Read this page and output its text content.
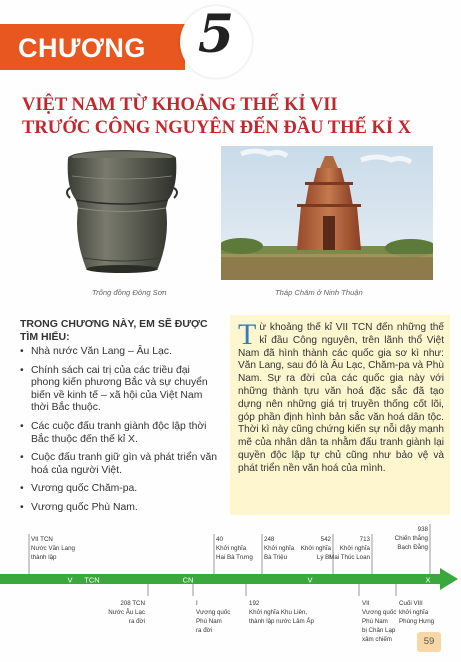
CHƯƠNG 5
VIỆT NAM TỪ KHOẢNG THẾ KỈ VII
TRƯỚC CÔNG NGUYÊN ĐẾN ĐẦU THẾ KỈ X
Trống đồng Đông Sơn	Tháp Chăm ở Ninh Thuận
TRONG CHƯƠNG NÀY, EM SẼ ĐƯỢC TÌM HIỂU:
• Nhà nước Văn Lang – Âu Lạc.
• Chính sách cai trị của các triều đại phong kiến phương Bắc và sự chuyển biến về kinh tế – xã hội của Việt Nam thời Bắc thuộc.
• Các cuộc đấu tranh giành độc lập thời Bắc thuộc đến thế kỉ X.
• Cuộc đấu tranh giữ gìn và phát triển văn hoá của người Việt.
• Vương quốc Chăm-pa.
• Vương quốc Phù Nam.
Từ khoảng thế kỉ VII TCN đến những thế kỉ đầu Công nguyên, trên lãnh thổ Việt Nam đã hình thành các quốc gia sơ kì như: Văn Lang, sau đó là Âu Lạc, Chăm-pa và Phù Nam. Sự ra đời của các quốc gia này với những thành tựu văn hoá đặc sắc đã tạo dựng nên những giá trị truyền thống cốt lõi, góp phần định hình bản sắc văn hoá dân tộc. Thời kì này cũng chứng kiến sự nỗi dậy mạnh mẽ của nhân dân ta nhằm đấu tranh giành lại quyền độc lập tự chủ cũng như bảo vệ và phát triển nền văn hoá của mình.
V TCN	CN	V	X
VII TCN
Nước Văn Lang
thành lập
40
Khởi nghĩa
Hai Bà Trưng
248
Khởi nghĩa
Bà Triệu
542
Khởi nghĩa
Lý Bí
713
Khởi nghĩa
Mai Thúc Loan
938
Chiến thắng
Bạch Đằng
208 TCN
Nước Âu Lạc
ra đời
I
Vương quốc
Phù Nam
ra đời
192
Khởi nghĩa Khu Liên,
thành lập nước Lâm Ấp
VII
Vương quốc
Phù Nam
bị Chân Lạp
xâm chiếm
Cuối VIII
khởi nghĩa
Phùng Hưng
59
